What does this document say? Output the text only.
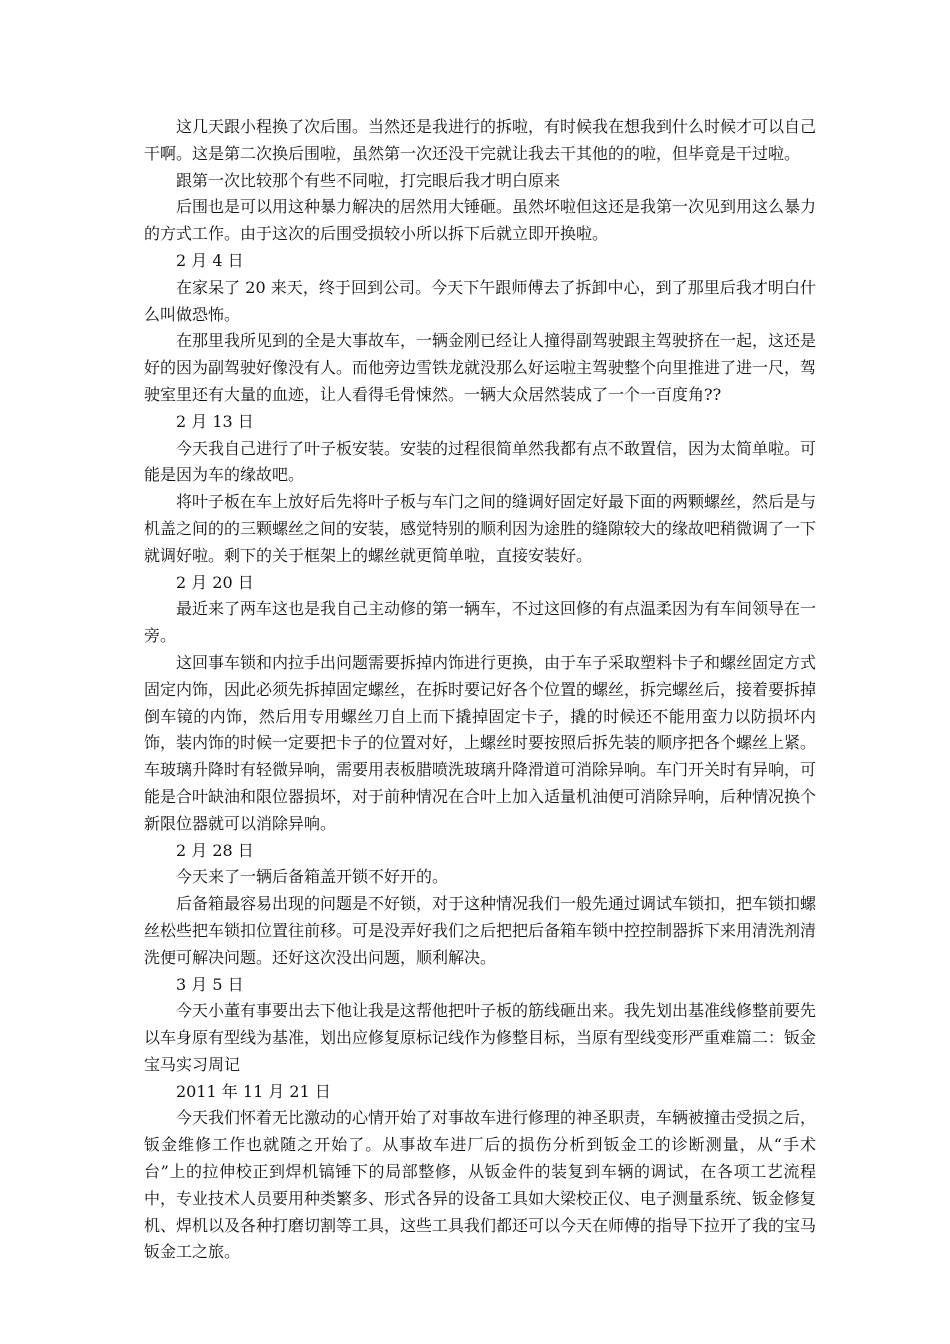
这几天跟小程换了次后围。当然还是我进行的拆啦，有时候我在想我到什么时候才可以自己干啊。这是第二次换后围啦，虽然第一次还没干完就让我去干其他的的啦，但毕竟是干过啦。

跟第一次比较那个有些不同啦，打完眼后我才明白原来

后围也是可以用这种暴力解决的居然用大锤砸。虽然坏啦但这还是我第一次见到用这么暴力的方式工作。由于这次的后围受损较小所以拆下后就立即开换啦。

2 月 4 日

在家呆了 20 来天，终于回到公司。今天下午跟师傅去了拆卸中心，到了那里后我才明白什么叫做恐怖。

在那里我所见到的全是大事故车，一辆金刚已经让人撞得副驾驶跟主驾驶挤在一起，这还是好的因为副驾驶好像没有人。而他旁边雪铁龙就没那么好运啦主驾驶整个向里推进了进一尺，驾驶室里还有大量的血迹，让人看得毛骨悚然。一辆大众居然装成了一个一百度角??

2 月 13 日

今天我自己进行了叶子板安装。安装的过程很简单然我都有点不敢置信，因为太简单啦。可能是因为车的缘故吧。

将叶子板在车上放好后先将叶子板与车门之间的缝调好固定好最下面的两颗螺丝，然后是与机盖之间的的三颗螺丝之间的安装，感觉特别的顺利因为途胜的缝隙较大的缘故吧稍微调了一下就调好啦。剩下的关于框架上的螺丝就更简单啦，直接安装好。

2 月 20 日

最近来了两车这也是我自己主动修的第一辆车，不过这回修的有点温柔因为有车间领导在一旁。

这回事车锁和内拉手出问题需要拆掉内饰进行更换，由于车子采取塑料卡子和螺丝固定方式固定内饰，因此必须先拆掉固定螺丝，在拆时要记好各个位置的螺丝，拆完螺丝后，接着要拆掉倒车镜的内饰，然后用专用螺丝刀自上而下撬掉固定卡子，撬的时候还不能用蛮力以防损坏内饰，装内饰的时候一定要把卡子的位置对好，上螺丝时要按照后拆先装的顺序把各个螺丝上紧。车玻璃升降时有轻微异响，需要用表板腊喷洗玻璃升降滑道可消除异响。车门开关时有异响，可能是合叶缺油和限位器损坏，对于前种情况在合叶上加入适量机油便可消除异响，后种情况换个新限位器就可以消除异响。

2 月 28 日

今天来了一辆后备箱盖开锁不好开的。

后备箱最容易出现的问题是不好锁，对于这种情况我们一般先通过调试车锁扣，把车锁扣螺丝松些把车锁扣位置往前移。可是没弄好我们之后把把后备箱车锁中控控制器拆下来用清洗剂清洗便可解决问题。还好这次没出问题，顺利解决。

3 月 5 日

今天小董有事要出去下他让我是这帮他把叶子板的筋线砸出来。我先划出基准线修整前要先以车身原有型线为基准，划出应修复原标记线作为修整目标，当原有型线变形严重难篇二：钣金宝马实习周记

2011 年 11 月 21 日

今天我们怀着无比激动的心情开始了对事故车进行修理的神圣职责，车辆被撞击受损之后，钣金维修工作也就随之开始了。从事故车进厂后的损伤分析到钣金工的诊断测量，从“手术台”上的拉伸校正到焊机镐锤下的局部整修，从钣金件的装复到车辆的调试，在各项工艺流程中，专业技术人员要用种类繁多、形式各异的设备工具如大梁校正仪、电子测量系统、钣金修复机、焊机以及各种打磨切割等工具，这些工具我们都还可以今天在师傅的指导下拉开了我的宝马钣金工之旅。
